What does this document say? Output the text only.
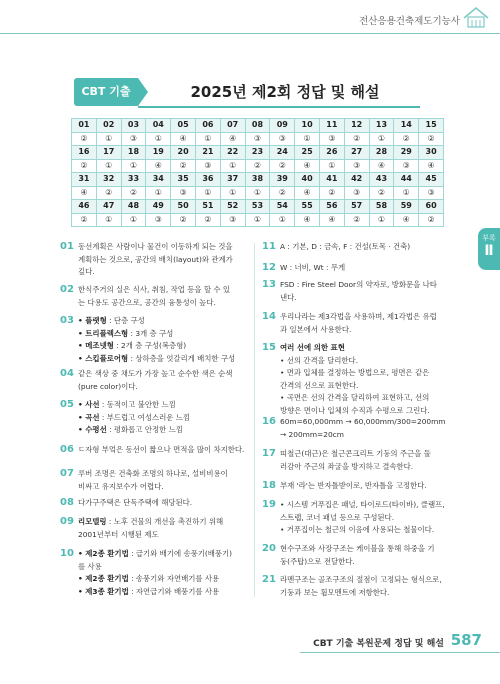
전산응용건축제도기능사
CBT 기출	2025년 제2회 정답 및 해설
01	02	03	04	05	06	07	08	09	10	11	12	13	14	15
②	①	③	①	④	①	④	③	③	①	③	②	①	②	②
16	17	18	19	20	21	22	23	24	25	26	27	28	29	30
②	①	①	④	②	③	①	②	②	④	①	③	④	③	④
31	32	33	34	35	36	37	38	39	40	41	42	43	44	45
④	②	②	①	③	①	①	①	②	④	②	③	②	①	③
46	47	48	49	50	51	52	53	54	55	56	57	58	59	60
②	①	①	③	②	②	③	①	①	④	④	②	①	④	②
부록
Ⅱ
01 동선계획은 사람이나 물건이 이동하게 되는 것을
계획하는 것으로, 공간의 배치(layout)와 관계가
깊다.
02 한식주거의 실은 식사, 취침, 작업 등을 할 수 있
는 다용도 공간으로, 공간의 융통성이 높다.
03 • 플랫형 : 단층 구성
• 트리플렉스형 : 3개 층 구성
• 메조넷형 : 2개 층 구성(복층형)
• 스킵플로어형 : 상하층을 엇갈리게 배치한 구성
04 같은 색상 중 채도가 가장 높고 순수한 색은 순색
(pure color)이다.
05 • 사선 : 동적이고 불안한 느낌
• 곡선 : 부드럽고 여성스러운 느낌
• 수평선 : 평화롭고 안정한 느낌
06 ㄷ자형 부엌은 동선이 짧으나 면적을 많이 차지한다.
07 루버 조명은 건축화 조명의 하나로, 설비비용이
비싸고 유지보수가 어렵다.
08 다가구주택은 단독주택에 해당된다.
09 리모델링 : 노후 건물의 개선을 촉진하기 위해
2001년부터 시행된 제도
10 • 제2종 환기법 : 급기와 배기에 송풍기(배풍기)
를 사용
• 제2종 환기법 : 송풍기와 자연배기를 사용
• 제3종 환기법 : 자연급기와 배풍기를 사용
11 A : 기본, D : 금속, F : 건설(토목 · 건축)
12 W : 너비, Wt : 무게
13 FSD : Fire Steel Door의 약자로, 방화문을 나타
낸다.
14 우리나라는 제3각법을 사용하며, 제1각법은 유럽
과 일본에서 사용한다.
15 여러 선에 의한 표현
• 선의 간격을 달리한다.
• 면과 입체를 결정하는 방법으로, 평면은 같은
간격의 선으로 표현한다.
• 곡면은 선의 간격을 달리하여 표현하고, 선의
방향은 면이나 입체의 수직과 수평으로 그린다.
16 60m=60,000mm → 60,000mm/300=200mm
→ 200mm=20cm
17 띠철근(대근)은 철근콘크리트 기둥의 주근을 둘
러감아 주근의 좌굴을 방지하고 결속한다.
18 부재 '라'는 반자틀받이로, 반자틀을 고정한다.
19 • 시스템 거푸집은 패널, 타이로드(타이바), 클램프,
스트랩, 코너 패널 등으로 구성된다.
• 거푸집이는 철근의 이음에 사용되는 철물이다.
20 현수구조와 사장구조는 케이블을 통해 하중을 기
둥(주탑)으로 전달한다.
21 라멘구조는 골조구조의 절점이 고정되는 형식으로,
기둥과 보는 휨모멘트에 저항한다.
CBT 기출 복원문제 정답 및 해설 587
